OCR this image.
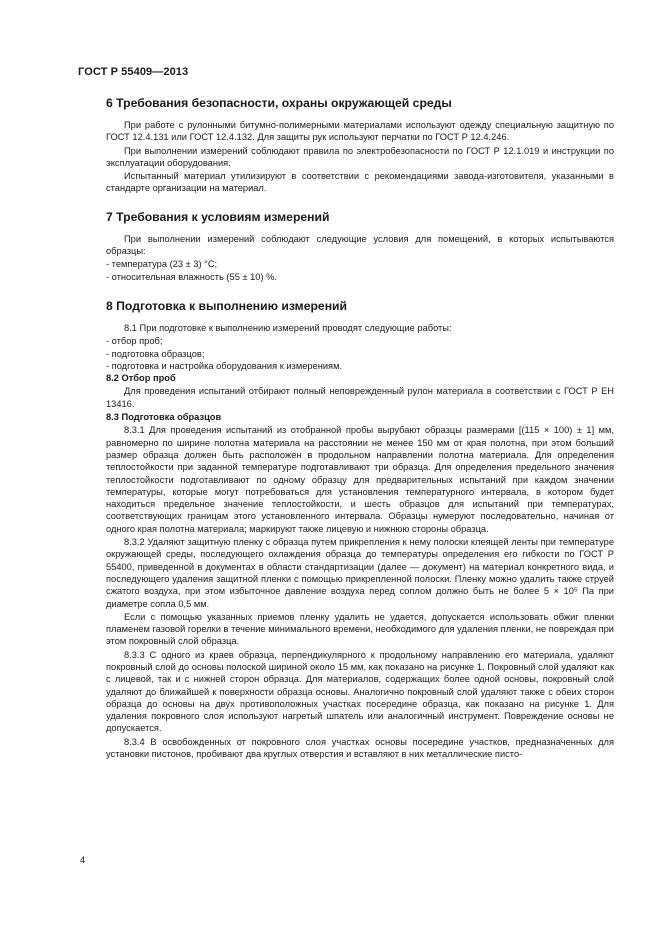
ГОСТ Р 55409—2013
6 Требования безопасности, охраны окружающей среды

При работе с рулонными битумно-полимерными материалами используют одежду специальную защитную по ГОСТ 12.4.131 или ГОСТ 12.4.132. Для защиты рук используют перчатки по ГОСТ Р 12.4.246.

При выполнении измерений соблюдают правила по электробезопасности по ГОСТ Р 12.1.019 и инструкции по эксплуатации оборудования.

Испытанный материал утилизируют в соответствии с рекомендациями завода-изготовителя, указанными в стандарте организации на материал.

7 Требования к условиям измерений

При выполнении измерений соблюдают следующие условия для помещений, в которых испытываются образцы:

- температура (23 ± 3) °С;
- относительная влажность (55 ± 10) %.
8 Подготовка к выполнению измерений

8.1 При подготовке к выполнению измерений проводят следующие работы:

- отбор проб;
- подготовка образцов;
- подготовка и настройка оборудования к измерениям.
8.2 Отбор проб

Для проведения испытаний отбирают полный неповрежденный рулон материала в соответствии с ГОСТ Р ЕН 13416.

8.3 Подготовка образцов

8.3.1 Для проведения испытаний из отобранной пробы вырубают образцы размерами [(115 × 100) ± 1] мм, равномерно по ширине полотна материала на расстоянии не менее 150 мм от края полотна, при этом больший размер образца должен быть расположен в продольном направлении полотна материала. Для определения теплостойкости при заданной температуре подготавливают три образца. Для определения предельного значения теплостойкости подготавливают по одному образцу для предварительных испытаний при каждом значении температуры, которые могут потребоваться для установления температурного интервала, в котором будет находиться предельное значение теплостойкости, и шесть образцов для испытаний при температурах, соответствующих границам этого установленного интервала. Образцы нумеруют последовательно, начиная от одного края полотна материала; маркируют также лицевую и нижнюю стороны образца.

8.3.2 Удаляют защитную пленку с образца путем прикрепления к нему полоски клеящей ленты при температуре окружающей среды, последующего охлаждения образца до температуры определения его гибкости по ГОСТ Р 55400, приведенной в документах в области стандартизации (далее — документ) на материал конкретного вида, и последующего удаления защитной пленки с помощью прикрепленной полоски. Пленку можно удалить также струей сжатого воздуха, при этом избыточное давление воздуха перед соплом должно быть не более 5 × 10⁵ Па при диаметре сопла 0,5 мм.

Если с помощью указанных приемов пленку удалить не удается, допускается использовать обжиг пленки пламенем газовой горелки в течение минимального времени, необходимого для удаления пленки, не повреждая при этом покровный слой образца.

8.3.3 С одного из краев образца, перпендикулярного к продольному направлению его материала, удаляют покровный слой до основы полоской шириной около 15 мм, как показано на рисунке 1. Покровный слой удаляют как с лицевой, так и с нижней сторон образца. Для материалов, содержащих более одной основы, покровный слой удаляют до ближайшей к поверхности образца основы. Аналогично покровный слой удаляют также с обеих сторон образца до основы на двух противоположных участках посередине образца, как показано на рисунке 1. Для удаления покровного слоя используют нагретый шпатель или аналогичный инструмент. Повреждение основы не допускается.

8.3.4 В освобожденных от покровного слоя участках основы посередине участков, предназначенных для установки пистонов, пробивают два круглых отверстия и вставляют в них металлические писто-

4
